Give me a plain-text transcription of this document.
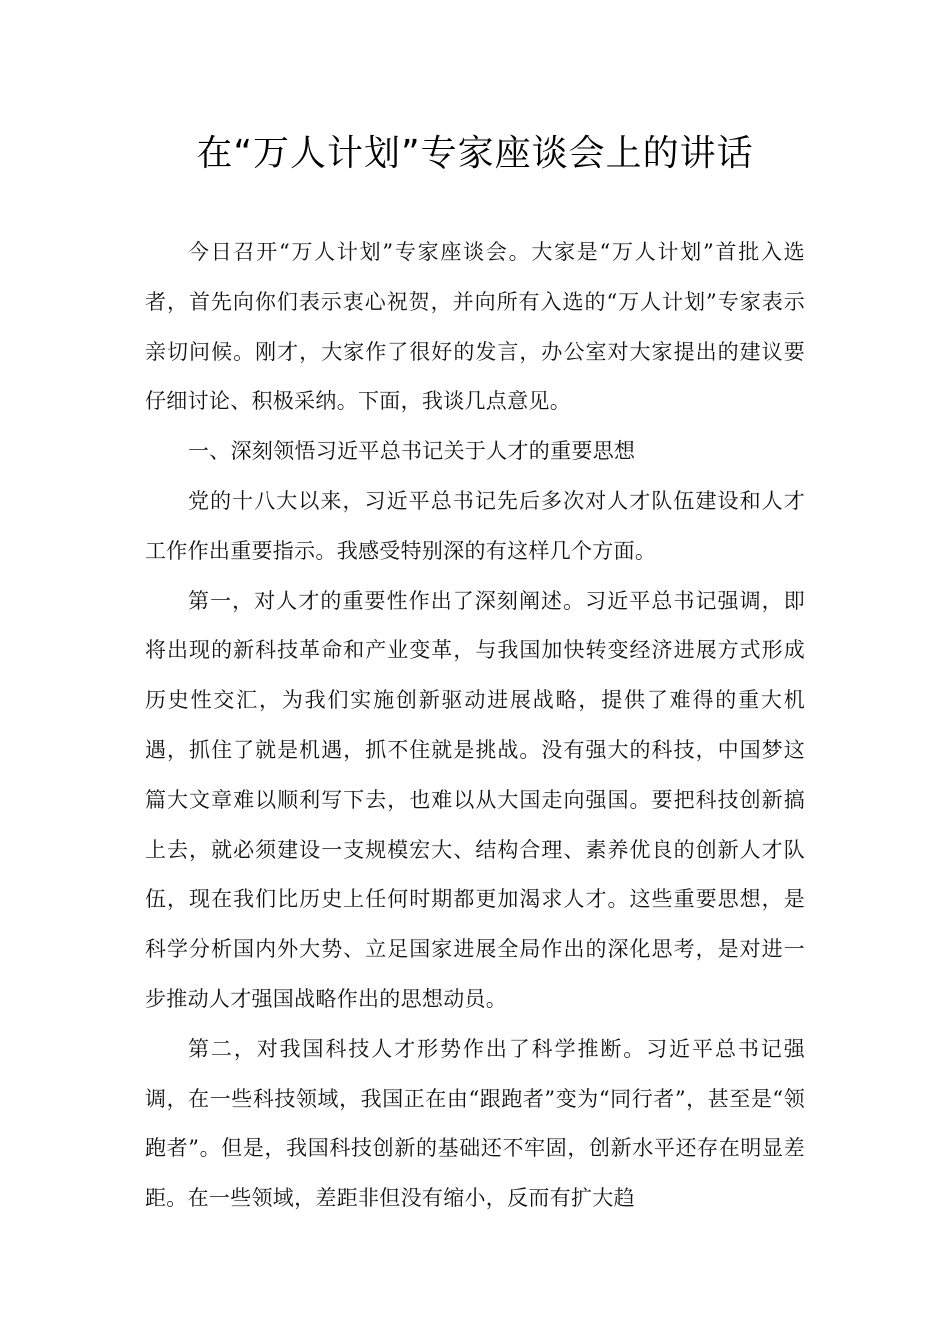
在“万人计划”专家座谈会上的讲话

今日召开“万人计划”专家座谈会。大家是“万人计划”首批入选者，首先向你们表示衷心祝贺，并向所有入选的“万人计划”专家表示亲切问候。刚才，大家作了很好的发言，办公室对大家提出的建议要仔细讨论、积极采纳。下面，我谈几点意见。

一、深刻领悟习近平总书记关于人才的重要思想

党的十八大以来，习近平总书记先后多次对人才队伍建设和人才工作作出重要指示。我感受特别深的有这样几个方面。

第一，对人才的重要性作出了深刻阐述。习近平总书记强调，即将出现的新科技革命和产业变革，与我国加快转变经济进展方式形成历史性交汇，为我们实施创新驱动进展战略，提供了难得的重大机遇，抓住了就是机遇，抓不住就是挑战。没有强大的科技，中国梦这篇大文章难以顺利写下去，也难以从大国走向强国。要把科技创新搞上去，就必须建设一支规模宏大、结构合理、素养优良的创新人才队伍，现在我们比历史上任何时期都更加渴求人才。这些重要思想，是科学分析国内外大势、立足国家进展全局作出的深化思考，是对进一步推动人才强国战略作出的思想动员。

第二，对我国科技人才形势作出了科学推断。习近平总书记强调，在一些科技领域，我国正在由“跟跑者”变为“同行者”，甚至是“领跑者”。但是，我国科技创新的基础还不牢固，创新水平还存在明显差距。在一些领域，差距非但没有缩小，反而有扩大趋
